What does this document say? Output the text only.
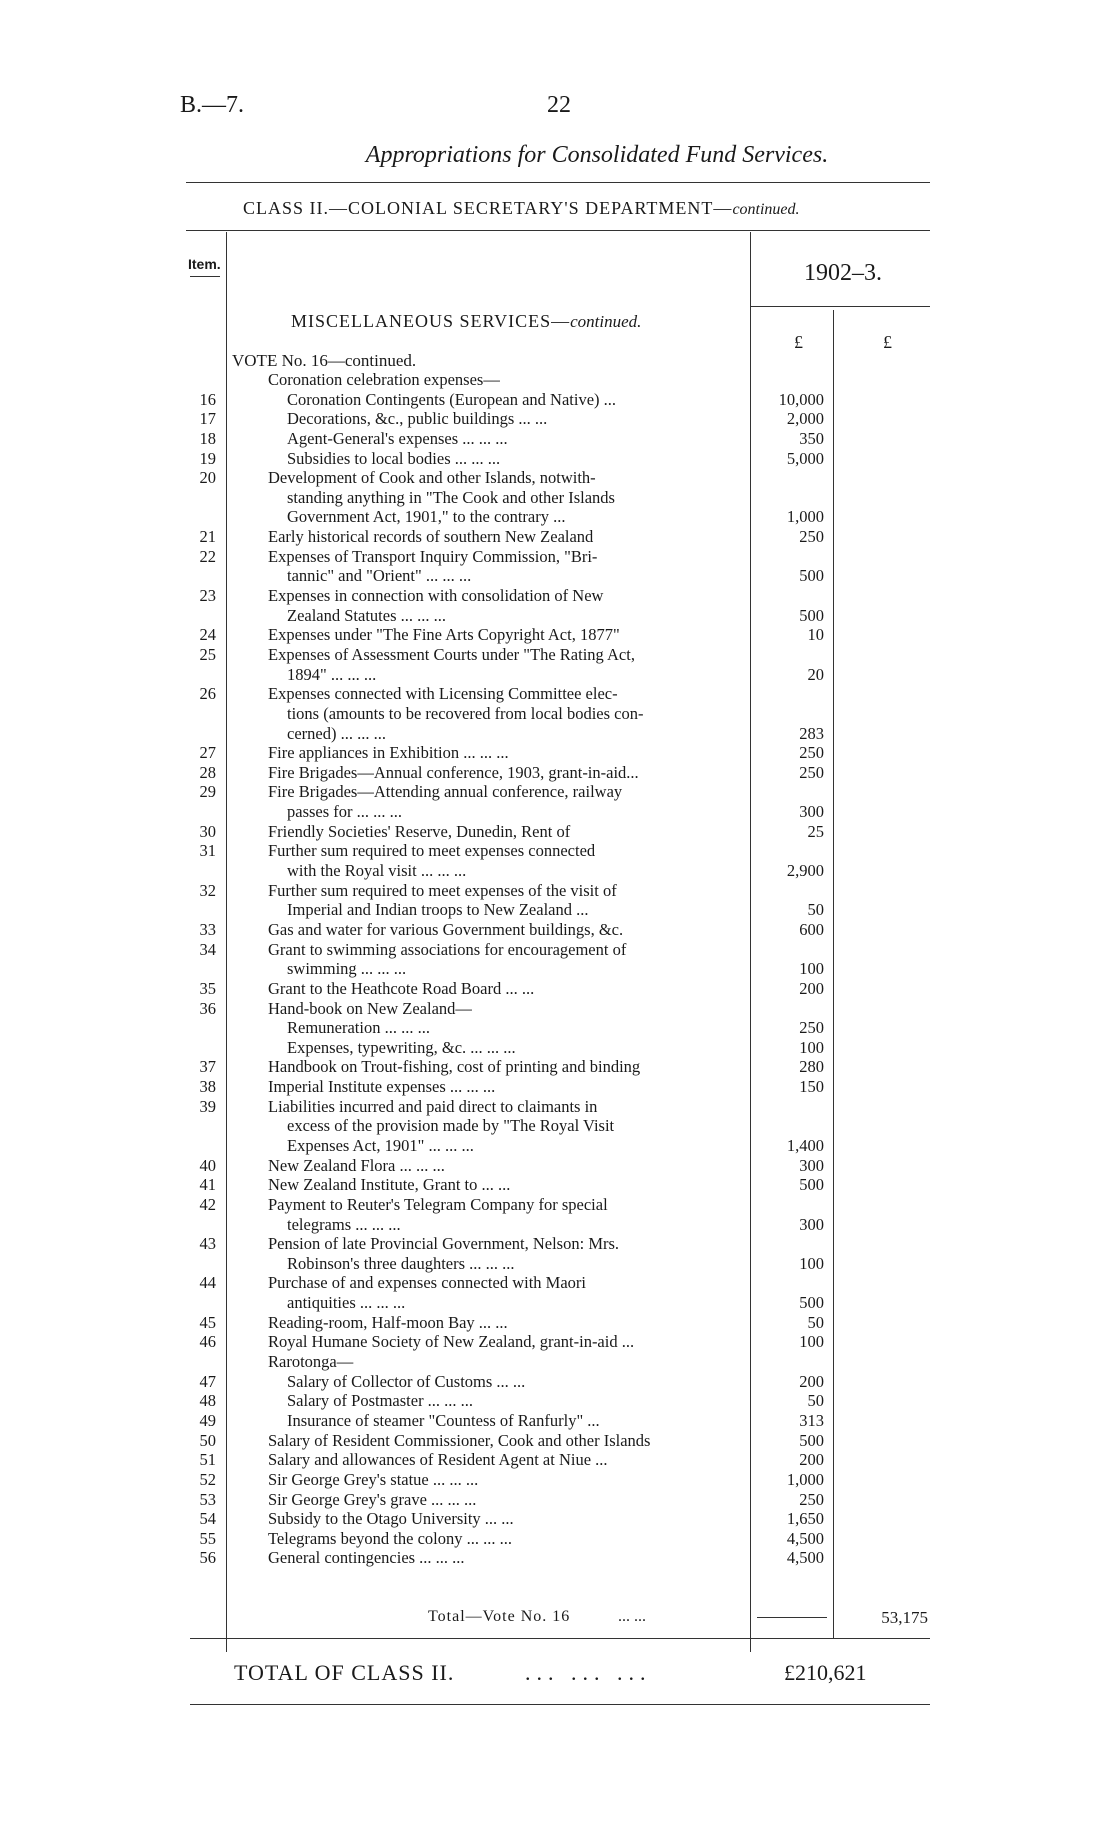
B.—7.	22
Appropriations for Consolidated Fund Services.
CLASS II.—COLONIAL SECRETARY'S DEPARTMENT—continued.
Item.	1902–3.
MISCELLANEOUS SERVICES—continued.
£	£
VOTE No. 16—continued.
Coronation celebration expenses—
16	Coronation Contingents (European and Native) ...	10,000
17	Decorations, &c., public buildings ... ...	2,000
18	Agent-General's expenses ... ... ...	350
19	Subsidies to local bodies ... ... ...	5,000
20	Development of Cook and other Islands, notwith-
standing anything in "The Cook and other Islands
Government Act, 1901," to the contrary ...	1,000
21	Early historical records of southern New Zealand	250
22	Expenses of Transport Inquiry Commission, "Bri-
tannic" and "Orient" ... ... ...	500
23	Expenses in connection with consolidation of New
Zealand Statutes ... ... ...	500
24	Expenses under "The Fine Arts Copyright Act, 1877"	10
25	Expenses of Assessment Courts under "The Rating Act,
1894" ... ... ...	20
26	Expenses connected with Licensing Committee elec-
tions (amounts to be recovered from local bodies con-
cerned) ... ... ...	283
27	Fire appliances in Exhibition ... ... ...	250
28	Fire Brigades—Annual conference, 1903, grant-in-aid...	250
29	Fire Brigades—Attending annual conference, railway
passes for ... ... ...	300
30	Friendly Societies' Reserve, Dunedin, Rent of	25
31	Further sum required to meet expenses connected
with the Royal visit ... ... ...	2,900
32	Further sum required to meet expenses of the visit of
Imperial and Indian troops to New Zealand ...	50
33	Gas and water for various Government buildings, &c.	600
34	Grant to swimming associations for encouragement of
swimming ... ... ...	100
35	Grant to the Heathcote Road Board ... ...	200
36	Hand-book on New Zealand—
Remuneration ... ... ...	250
Expenses, typewriting, &c. ... ... ...	100
37	Handbook on Trout-fishing, cost of printing and binding	280
38	Imperial Institute expenses ... ... ...	150
39	Liabilities incurred and paid direct to claimants in
excess of the provision made by "The Royal Visit
Expenses Act, 1901" ... ... ...	1,400
40	New Zealand Flora ... ... ...	300
41	New Zealand Institute, Grant to ... ...	500
42	Payment to Reuter's Telegram Company for special
telegrams ... ... ...	300
43	Pension of late Provincial Government, Nelson: Mrs.
Robinson's three daughters ... ... ...	100
44	Purchase of and expenses connected with Maori
antiquities ... ... ...	500
45	Reading-room, Half-moon Bay ... ...	50
46	Royal Humane Society of New Zealand, grant-in-aid ...	100
Rarotonga—
47	Salary of Collector of Customs ... ...	200
48	Salary of Postmaster ... ... ...	50
49	Insurance of steamer "Countess of Ranfurly" ...	313
50	Salary of Resident Commissioner, Cook and other Islands	500
51	Salary and allowances of Resident Agent at Niue ...	200
52	Sir George Grey's statue ... ... ...	1,000
53	Sir George Grey's grave ... ... ...	250
54	Subsidy to the Otago University ... ...	1,650
55	Telegrams beyond the colony ... ... ...	4,500
56	General contingencies ... ... ...	4,500
Total—Vote No. 16	... ...	53,175
TOTAL OF CLASS II.	... ... ...	£210,621
